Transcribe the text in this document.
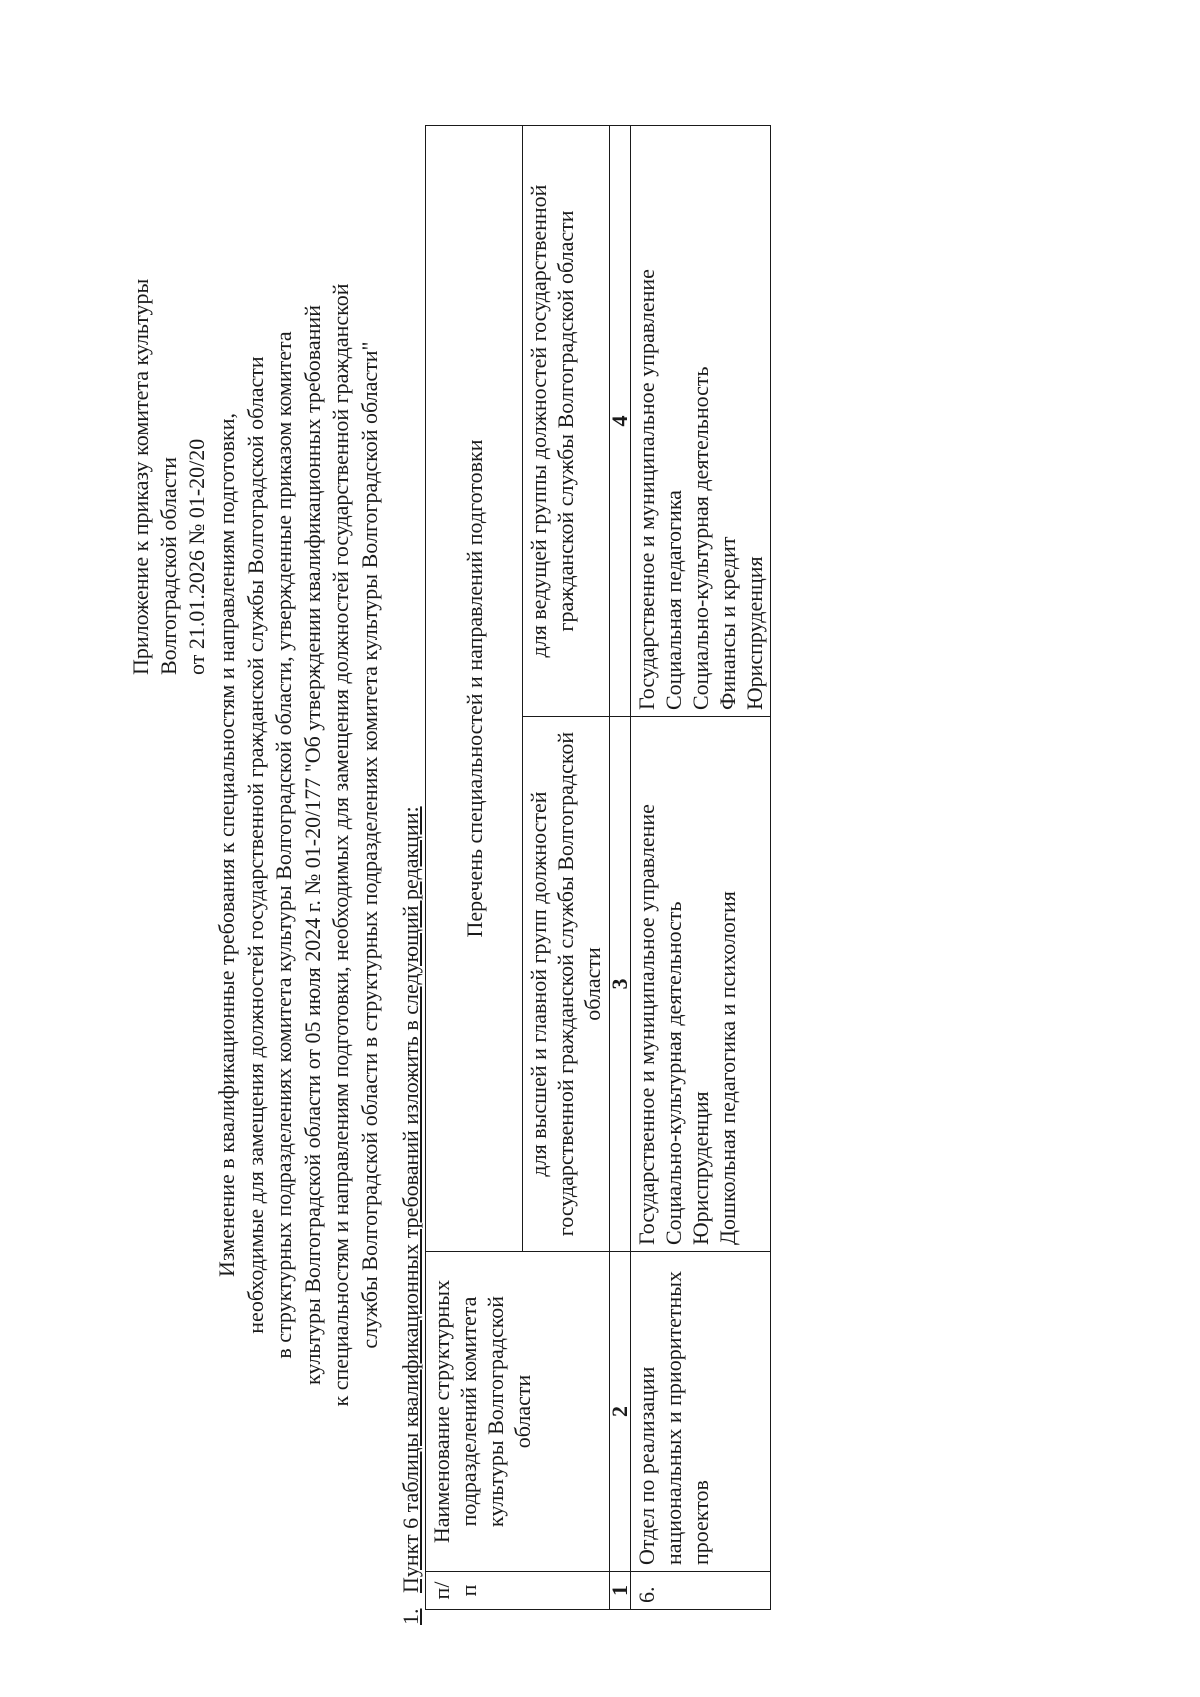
Приложение к приказу комитета культуры Волгоградской области от 21.01.2026 № 01-20/20 Изменение в квалификационные требования к специальностям и направлениям подготовки, необходимые для замещения должностей государственной гражданской службы Волгоградской области в структурных подразделениях комитета культуры Волгоградской области, утвержденные приказом комитета культуры Волгоградской области от 05 июля 2024 г. № 01-20/177 "Об утверждении квалификационных требований к специальностям и направлениям подготовки, необходимых для замещения должностей государственной гражданской службы Волгоградской области в структурных подразделениях комитета культуры Волгоградской области"
1.Пункт 6 таблицы квалификационных требований изложить в следующий редакции: п/п	Наименование структурных подразделений комитета культуры Волгоградской области	Перечень специальностей и направлений подготовки	
		для высшей и главной групп должностей государственной гражданской службы Волгоградской области	для ведущей группы должностей государственной гражданской службы Волгоградской области
1	2	3	4
6.	Отдел по реализации национальных и приоритетных проектов	Государственное и муниципальное управление Социально-культурная деятельность Юриспруденция Дошкольная педагогика и психология	Государственное и муниципальное управление Социальная педагогика Социально-культурная деятельность Финансы и кредит Юриспруденция
